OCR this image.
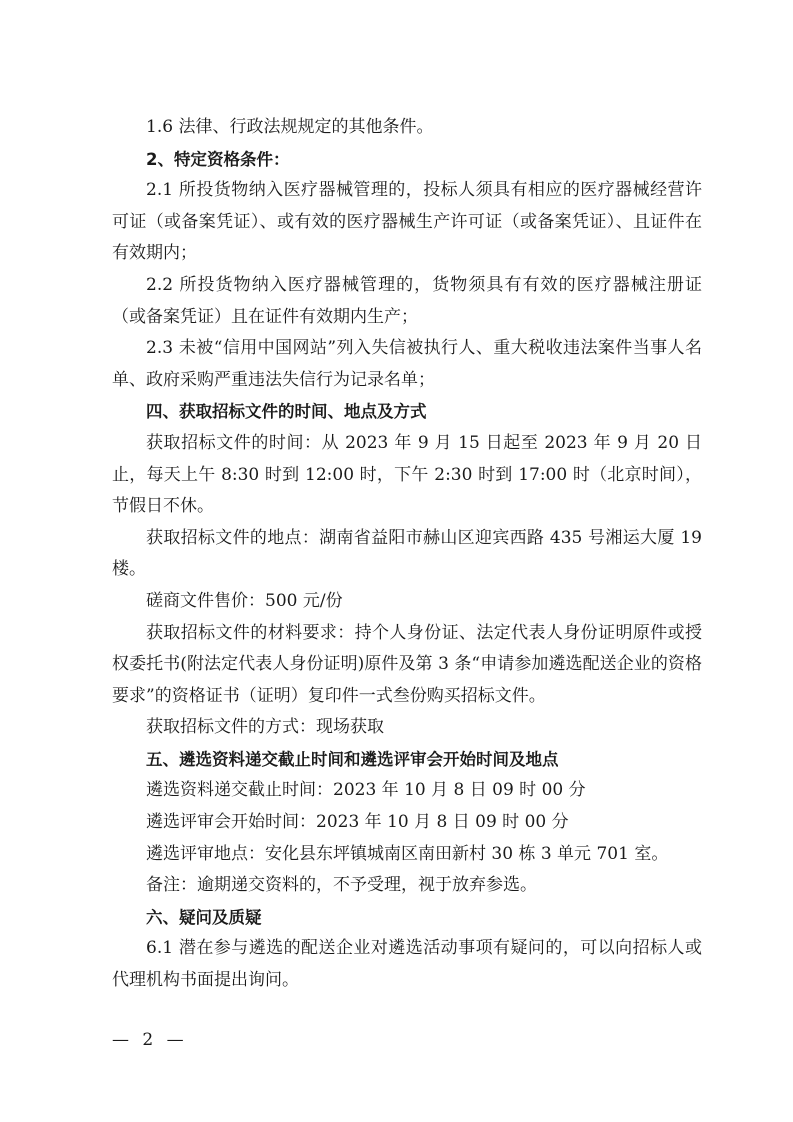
1.6 法律、行政法规规定的其他条件。

2、特定资格条件：

2.1 所投货物纳入医疗器械管理的，投标人须具有相应的医疗器械经营许可证（或备案凭证）、或有效的医疗器械生产许可证（或备案凭证）、且证件在有效期内；

2.2 所投货物纳入医疗器械管理的，货物须具有有效的医疗器械注册证（或备案凭证）且在证件有效期内生产；

2.3 未被“信用中国网站”列入失信被执行人、重大税收违法案件当事人名单、政府采购严重违法失信行为记录名单；

四、获取招标文件的时间、地点及方式

获取招标文件的时间：从 2023 年 9 月 15 日起至 2023 年 9 月 20 日止，每天上午 8:30 时到 12:00 时，下午 2:30 时到 17:00 时（北京时间），节假日不休。

获取招标文件的地点：湖南省益阳市赫山区迎宾西路 435 号湘运大厦 19 楼。

磋商文件售价：500 元/份

获取招标文件的材料要求：持个人身份证、法定代表人身份证明原件或授权委托书(附法定代表人身份证明)原件及第 3 条“申请参加遴选配送企业的资格要求”的资格证书（证明）复印件一式叁份购买招标文件。

获取招标文件的方式：现场获取

五、遴选资料递交截止时间和遴选评审会开始时间及地点

遴选资料递交截止时间：2023 年 10 月 8 日 09 时 00 分

遴选评审会开始时间：2023 年 10 月 8 日 09 时 00 分

遴选评审地点：安化县东坪镇城南区南田新村 30 栋 3 单元 701 室。

备注：逾期递交资料的，不予受理，视于放弃参选。

六、疑问及质疑

6.1 潜在参与遴选的配送企业对遴选活动事项有疑问的，可以向招标人或代理机构书面提出询问。

— 2 —
